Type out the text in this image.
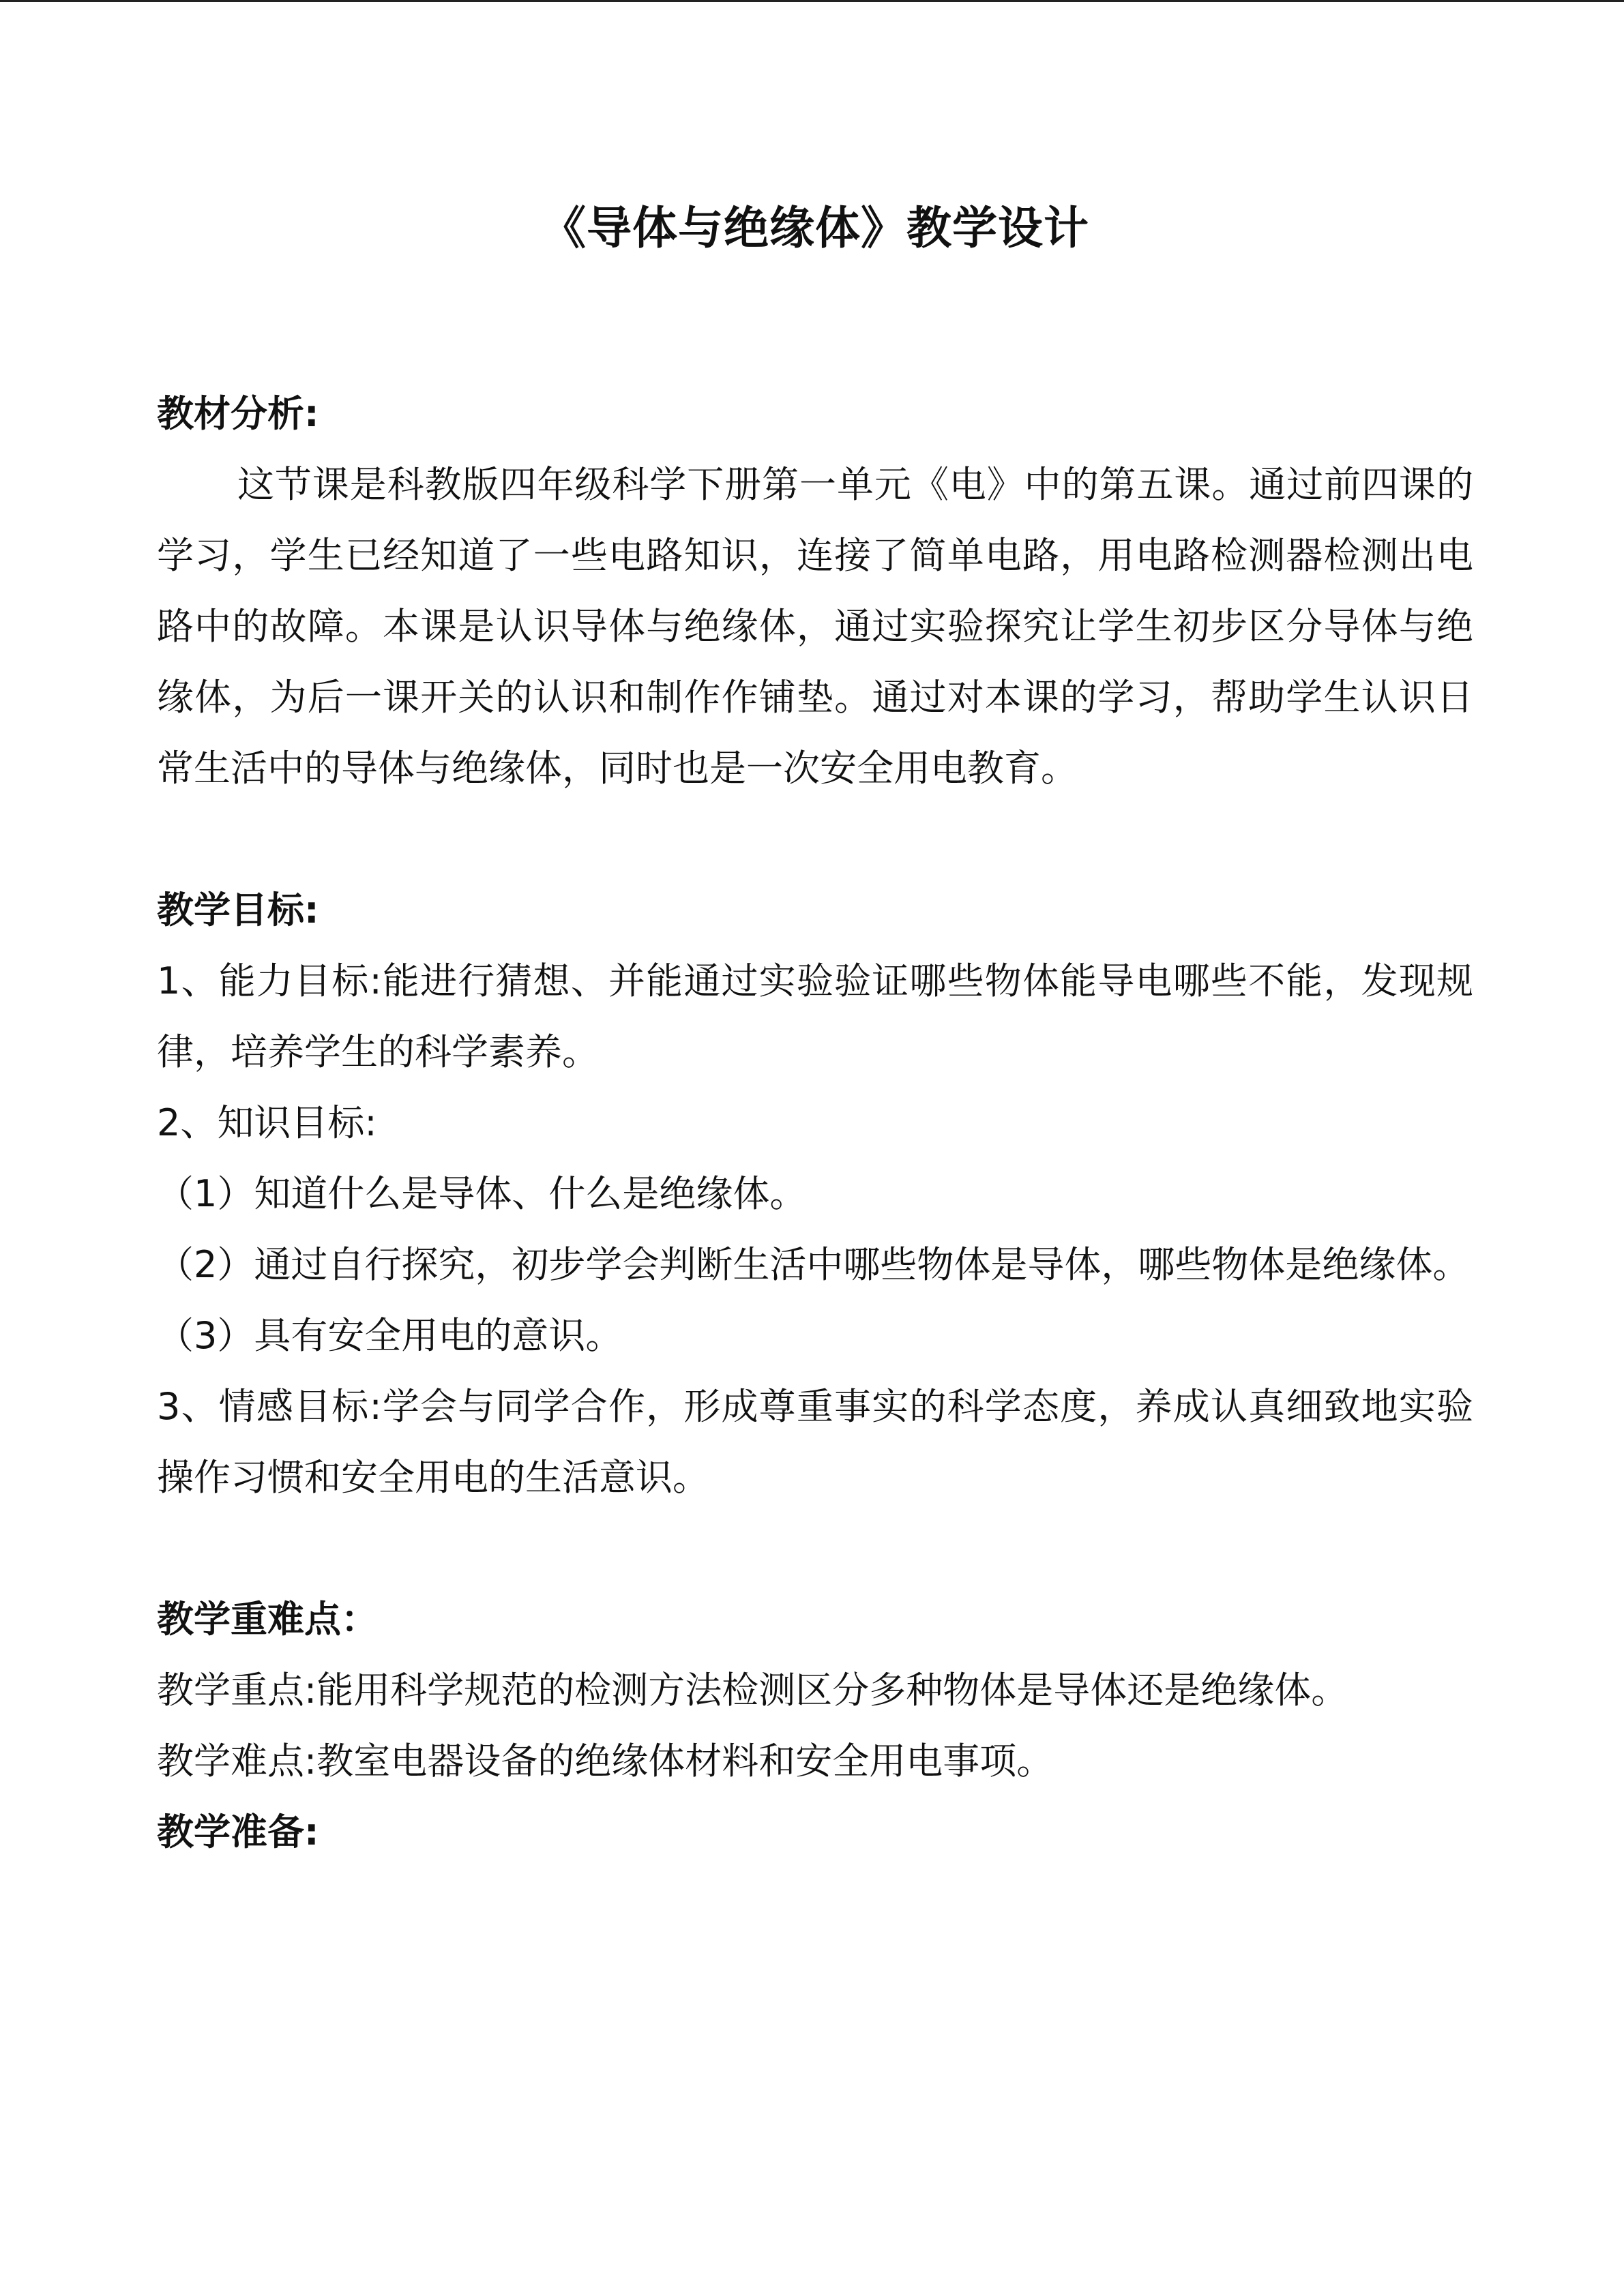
《导体与绝缘体》教学设计
教材分析:

这节课是科教版四年级科学下册第一单元《电》中的第五课。通过前四课的学习，学生已经知道了一些电路知识，连接了简单电路，用电路检测器检测出电路中的故障。本课是认识导体与绝缘体，通过实验探究让学生初步区分导体与绝缘体，为后一课开关的认识和制作作铺垫。通过对本课的学习，帮助学生认识日常生活中的导体与绝缘体，同时也是一次安全用电教育。

教学目标:

1、能力目标:能进行猜想、并能通过实验验证哪些物体能导电哪些不能，发现规律，培养学生的科学素养。

2、知识目标:

（1）知道什么是导体、什么是绝缘体。

（2）通过自行探究，初步学会判断生活中哪些物体是导体，哪些物体是绝缘体。

（3）具有安全用电的意识。

3、情感目标:学会与同学合作，形成尊重事实的科学态度，养成认真细致地实验操作习惯和安全用电的生活意识。

教学重难点：

教学重点:能用科学规范的检测方法检测区分多种物体是导体还是绝缘体。

教学难点:教室电器设备的绝缘体材料和安全用电事项。

教学准备:
